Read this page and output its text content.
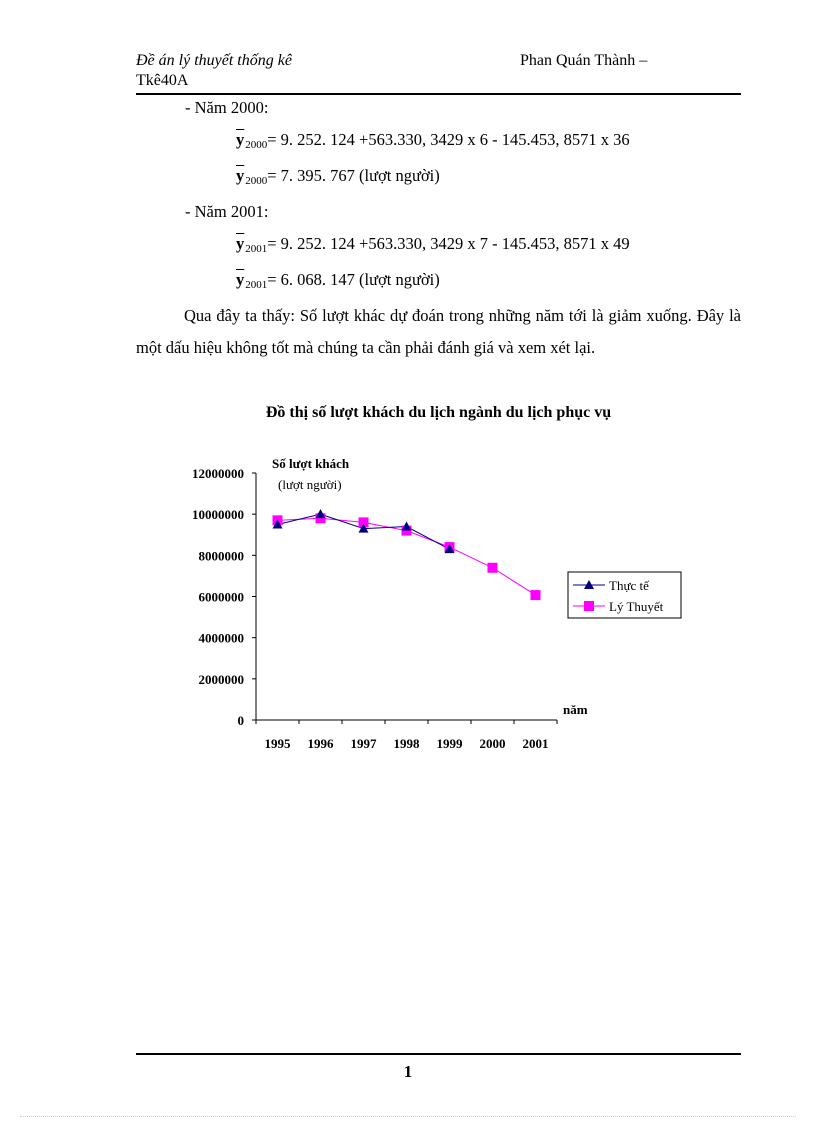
Đề án lý thuyết thống kê	Phan Quán Thành –
Tkê40A
- Năm 2000:
$\overline{y}2000= 9$. 252. 124 +563.330, 3429 x 6 - 145.453, 8571 x 36
$\overline{y}2000= 7$. 395. 767 (lượt người)
- Năm 2001:
$\overline{y}2001= 9$. 252. 124 +563.330, 3429 x 7 - 145.453, 8571 x 49
$\overline{y}2001= 6$. 068. 147 (lượt người)
Qua đây ta thấy: Số lượt khác dự đoán trong những năm tới là giảm xuống. Đây là một dấu hiệu không tốt mà chúng ta cần phải đánh giá và xem xét lại.
Đồ thị số lượt khách du lịch ngành du lịch phục vụ
Số lượt khách
(lượt người)
năm
0
2000000
4000000
6000000
8000000
10000000
12000000
1995 1996 1997 1998 1999 2000 2001
Thực tế
Lý Thuyết
1
